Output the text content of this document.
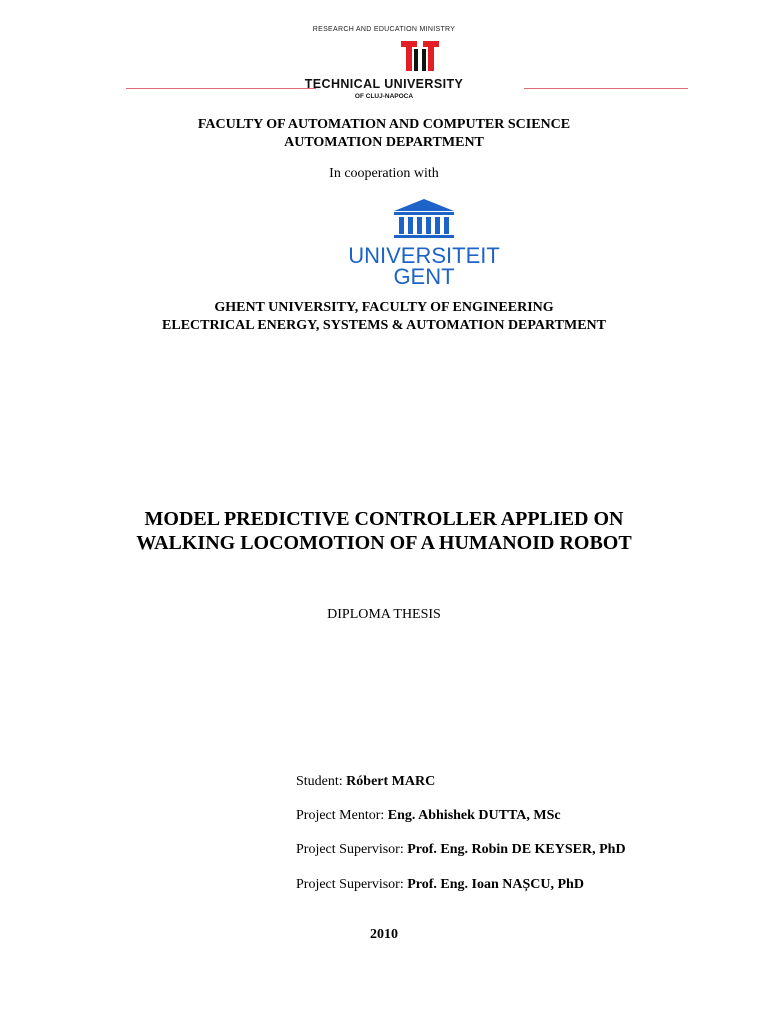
RESEARCH AND EDUCATION MINISTRY
TECHNICAL UNIVERSITY
OF CLUJ-NAPOCA
FACULTY OF AUTOMATION AND COMPUTER SCIENCE
AUTOMATION DEPARTMENT
In cooperation with
UNIVERSITEIT
GENT
GHENT UNIVERSITY, FACULTY OF ENGINEERING
ELECTRICAL ENERGY, SYSTEMS & AUTOMATION DEPARTMENT
MODEL PREDICTIVE CONTROLLER APPLIED ON
WALKING LOCOMOTION OF A HUMANOID ROBOT
DIPLOMA THESIS
Student: Róbert MARC
Project Mentor: Eng. Abhishek DUTTA, MSc
Project Supervisor: Prof. Eng. Robin DE KEYSER, PhD
Project Supervisor: Prof. Eng. Ioan NAȘCU, PhD
2010
